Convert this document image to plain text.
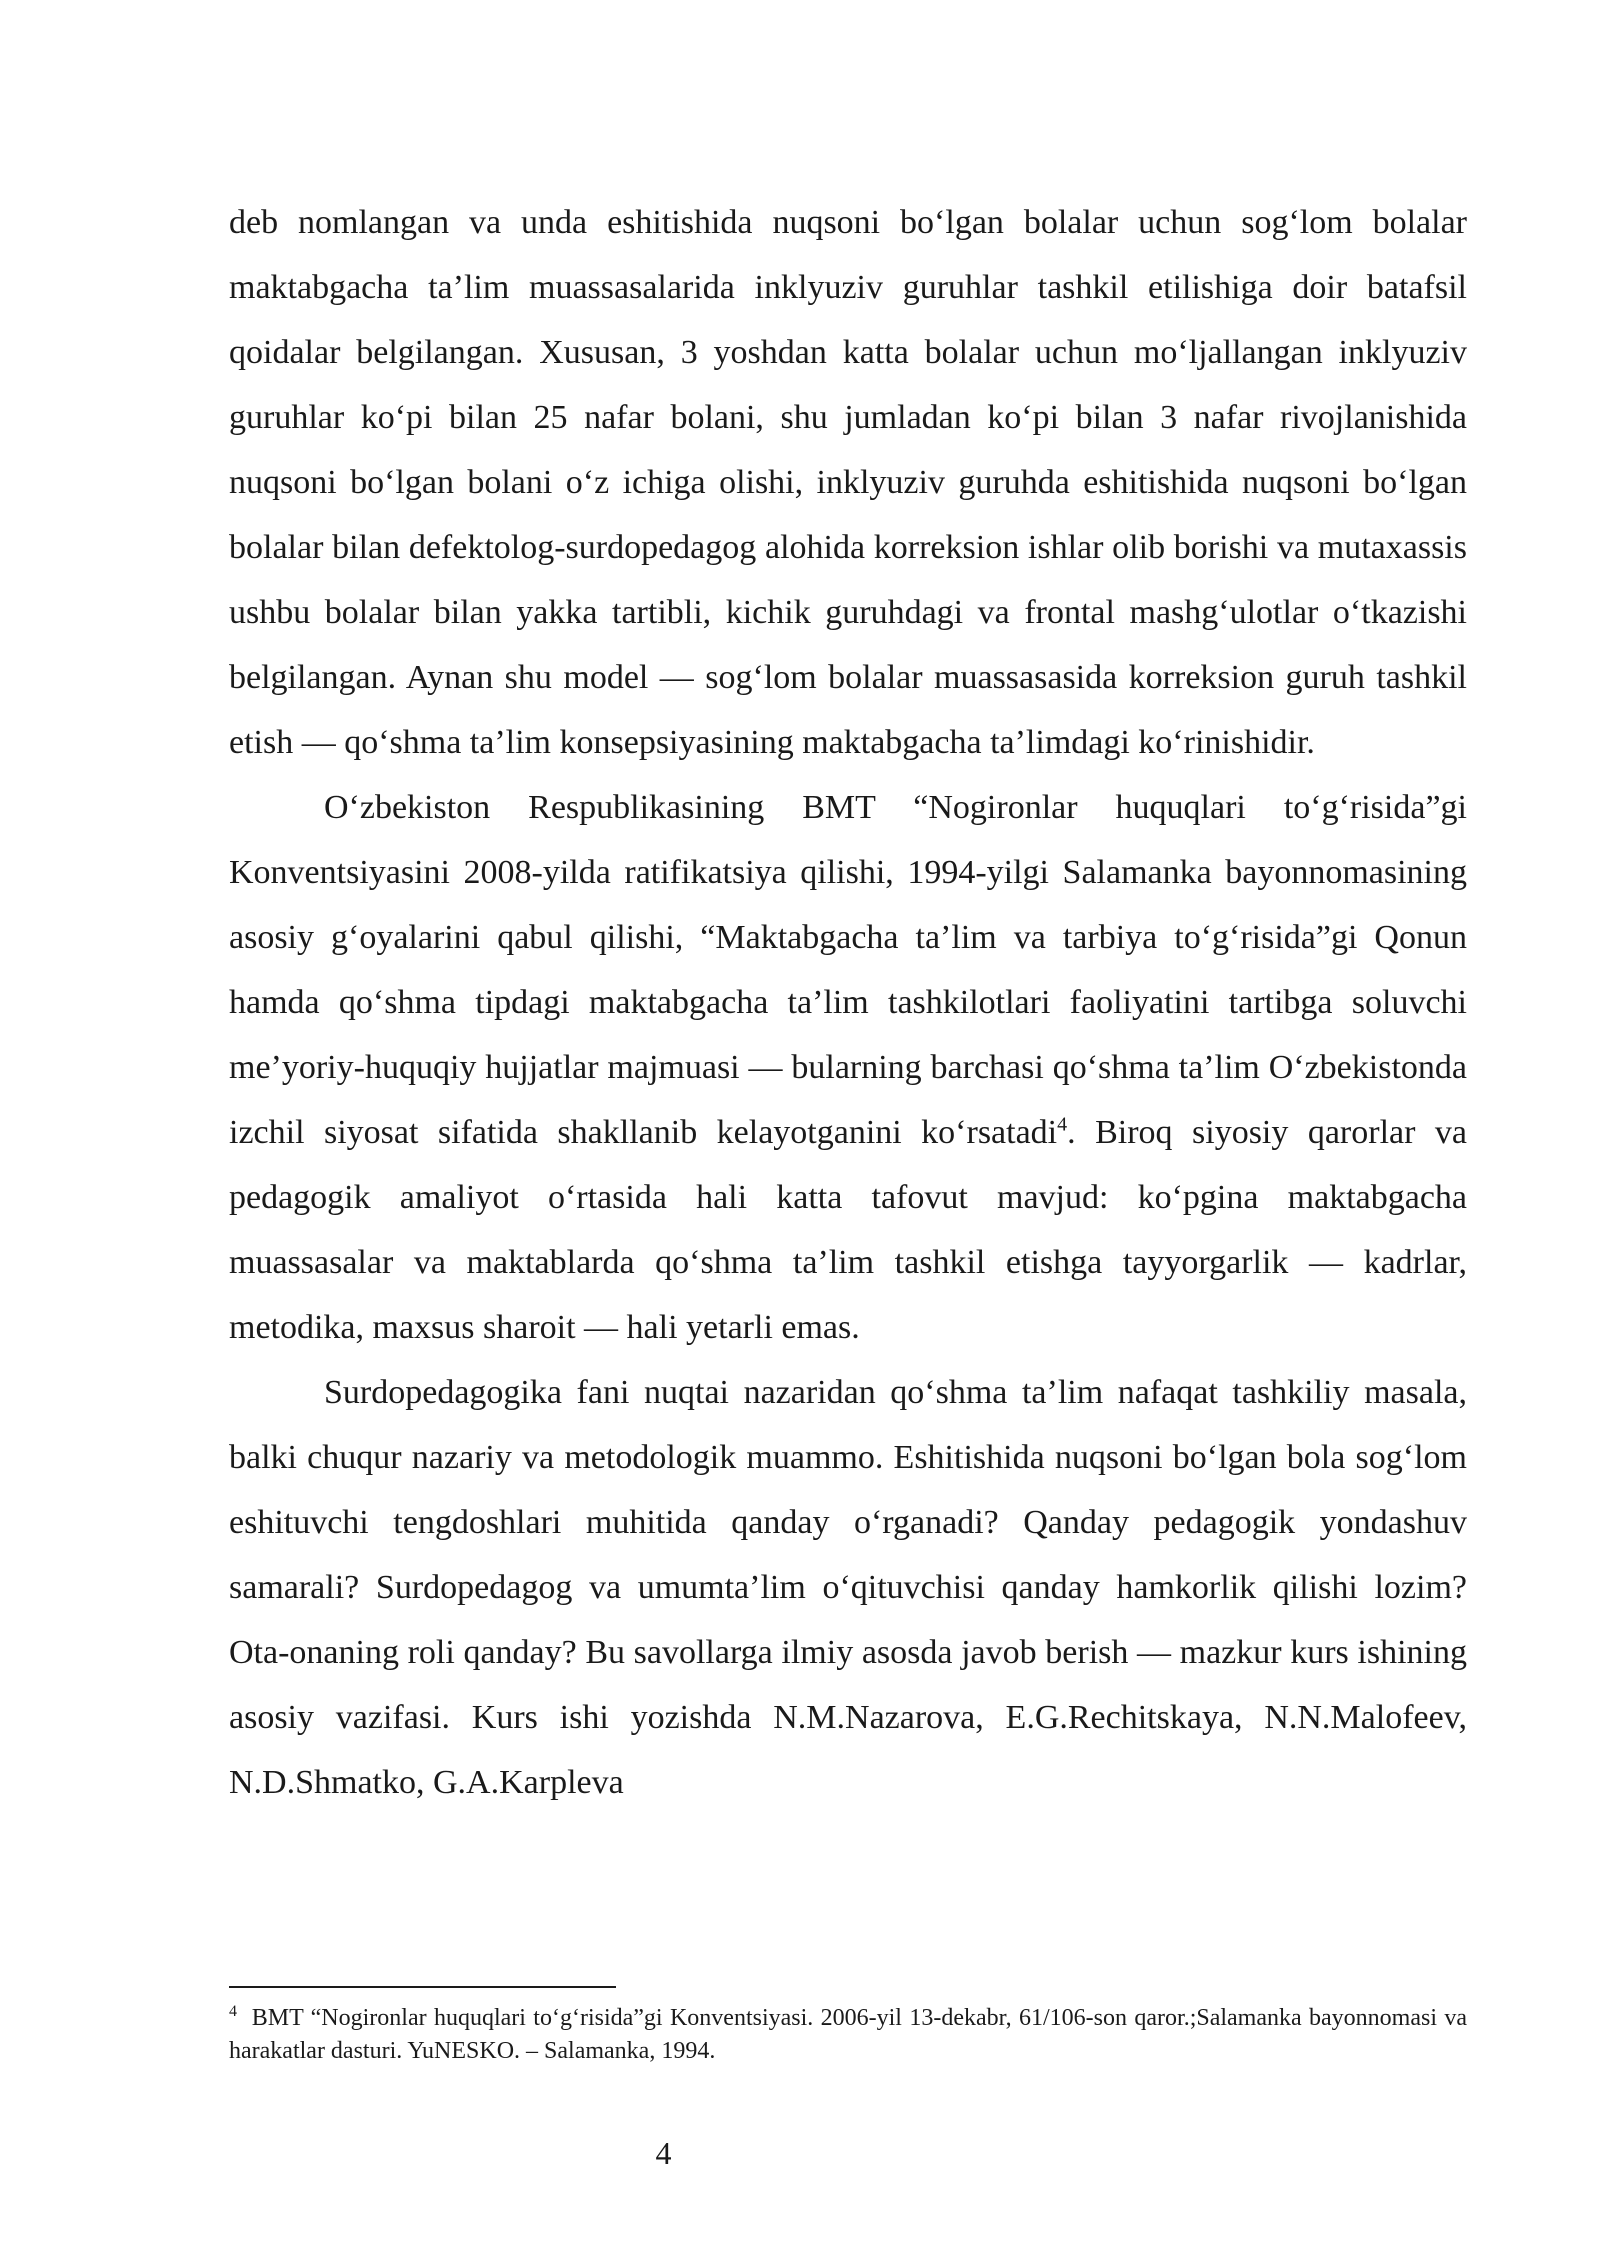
deb nomlangan va unda eshitishida nuqsoni bo‘lgan bolalar uchun sog‘lom bolalar maktabgacha ta’lim muassasalarida inklyuziv guruhlar tashkil etilishiga doir batafsil qoidalar belgilangan. Xususan, 3 yoshdan katta bolalar uchun mo‘ljallangan inklyuziv guruhlar ko‘pi bilan 25 nafar bolani, shu jumladan ko‘pi bilan 3 nafar rivojlanishida nuqsoni bo‘lgan bolani o‘z ichiga olishi, inklyuziv guruhda eshitishida nuqsoni bo‘lgan bolalar bilan defektolog-surdopedagog alohida korreksion ishlar olib borishi va mutaxassis ushbu bolalar bilan yakka tartibli, kichik guruhdagi va frontal mashg‘ulotlar o‘tkazishi belgilangan. Aynan shu model — sog‘lom bolalar muassasasida korreksion guruh tashkil etish — qo‘shma ta’lim konsepsiyasining maktabgacha ta’limdagi ko‘rinishidir.

O‘zbekiston Respublikasining BMT “Nogironlar huquqlari to‘g‘risida”gi Konventsiyasini 2008-yilda ratifikatsiya qilishi, 1994-yilgi Salamanka bayonnomasining asosiy g‘oyalarini qabul qilishi, “Maktabgacha ta’lim va tarbiya to‘g‘risida”gi Qonun hamda qo‘shma tipdagi maktabgacha ta’lim tashkilotlari faoliyatini tartibga soluvchi me’yoriy-huquqiy hujjatlar majmuasi — bularning barchasi qo‘shma ta’lim O‘zbekistonda izchil siyosat sifatida shakllanib kelayotganini ko‘rsatadi$^4$. Biroq siyosiy qarorlar va pedagogik amaliyot o‘rtasida hali katta tafovut mavjud: ko‘pgina maktabgacha muassasalar va maktablarda qo‘shma ta’lim tashkil etishga tayyorgarlik — kadrlar, metodika, maxsus sharoit — hali yetarli emas.

Surdopedagogika fani nuqtai nazaridan qo‘shma ta’lim nafaqat tashkiliy masala, balki chuqur nazariy va metodologik muammo. Eshitishida nuqsoni bo‘lgan bola sog‘lom eshituvchi tengdoshlari muhitida qanday o‘rganadi? Qanday pedagogik yondashuv samarali? Surdopedagog va umumta’lim o‘qituvchisi qanday hamkorlik qilishi lozim? Ota-onaning roli qanday? Bu savollarga ilmiy asosda javob berish — mazkur kurs ishining asosiy vazifasi. Kurs ishi yozishda N.M.Nazarova, E.G.Rechitskaya, N.N.Malofeev, N.D.Shmatko, G.A.Karpleva

$^4$ BMT “Nogironlar huquqlari to‘g‘risida”gi Konventsiyasi. 2006-yil 13-dekabr, 61/106-son qaror.;Salamanka bayonnomasi va harakatlar dasturi. YuNESKO. – Salamanka, 1994.

4
